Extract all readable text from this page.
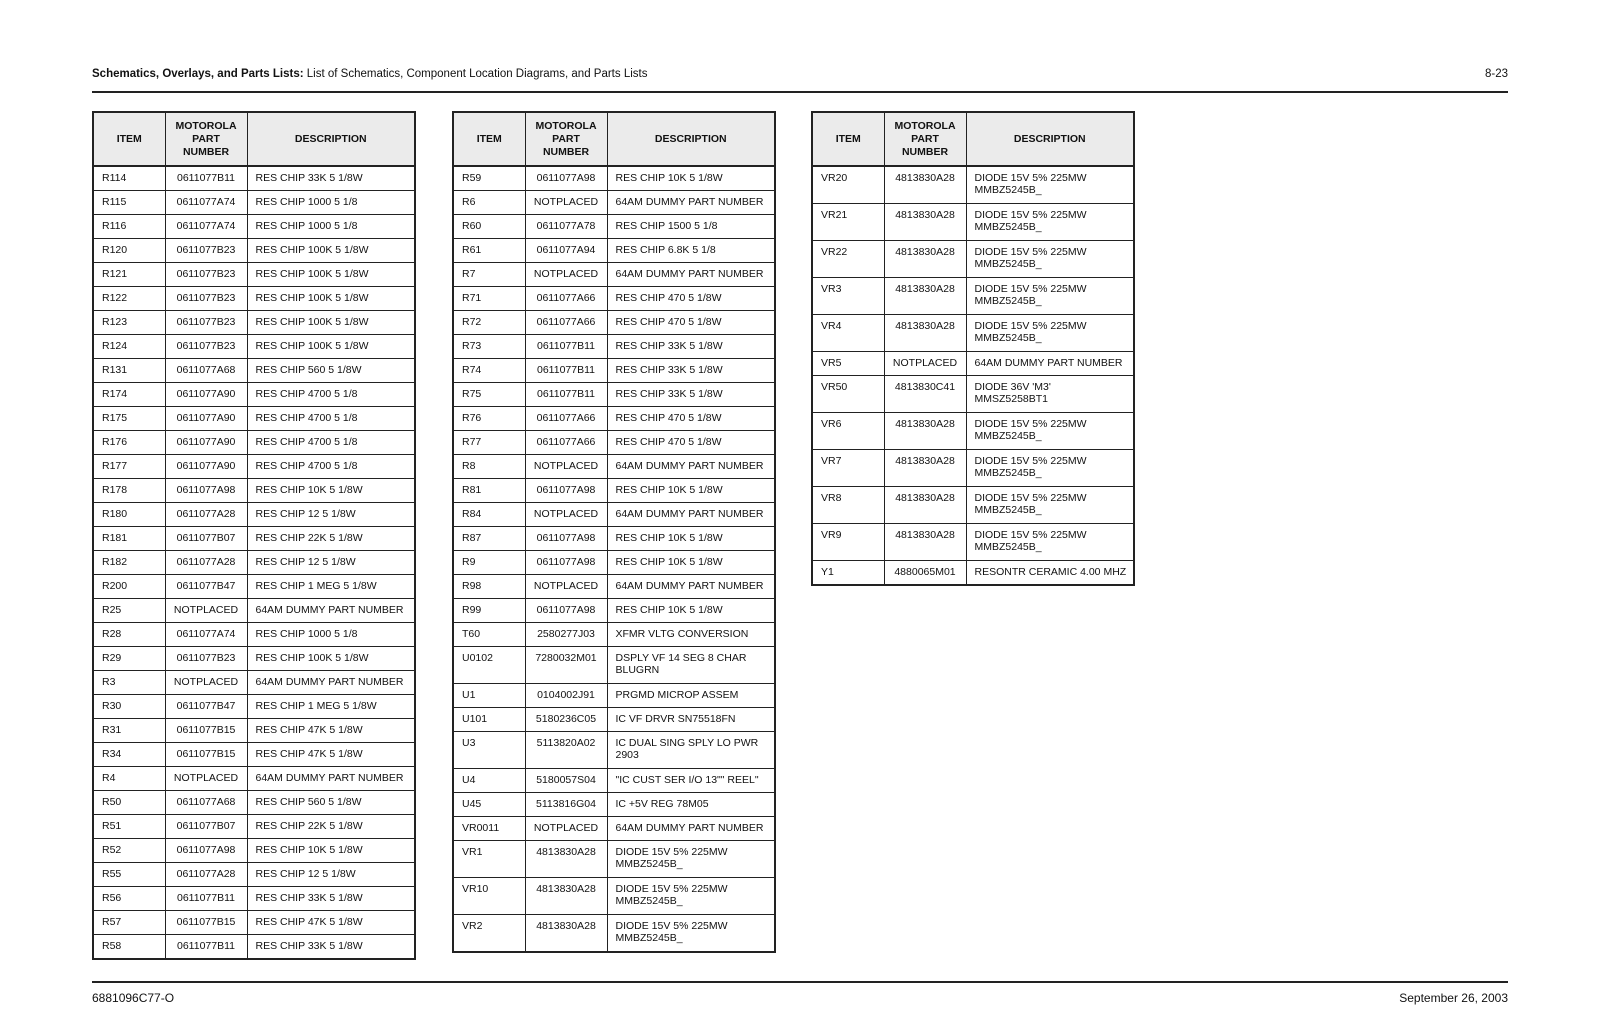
Schematics, Overlays, and Parts Lists: List of Schematics, Component Location Diagrams, and Parts Lists	8-23
ITEM	MOTOROLA PART NUMBER	DESCRIPTION
R114	0611077B11	RES CHIP 33K 5 1/8W
R115	0611077A74	RES CHIP 1000 5 1/8
R116	0611077A74	RES CHIP 1000 5 1/8
R120	0611077B23	RES CHIP 100K 5 1/8W
R121	0611077B23	RES CHIP 100K 5 1/8W
R122	0611077B23	RES CHIP 100K 5 1/8W
R123	0611077B23	RES CHIP 100K 5 1/8W
R124	0611077B23	RES CHIP 100K 5 1/8W
R131	0611077A68	RES CHIP 560 5 1/8W
R174	0611077A90	RES CHIP 4700 5 1/8
R175	0611077A90	RES CHIP 4700 5 1/8
R176	0611077A90	RES CHIP 4700 5 1/8
R177	0611077A90	RES CHIP 4700 5 1/8
R178	0611077A98	RES CHIP 10K 5 1/8W
R180	0611077A28	RES CHIP 12 5 1/8W
R181	0611077B07	RES CHIP 22K 5 1/8W
R182	0611077A28	RES CHIP 12 5 1/8W
R200	0611077B47	RES CHIP 1 MEG 5 1/8W
R25	NOTPLACED	64AM DUMMY PART NUMBER
R28	0611077A74	RES CHIP 1000 5 1/8
R29	0611077B23	RES CHIP 100K 5 1/8W
R3	NOTPLACED	64AM DUMMY PART NUMBER
R30	0611077B47	RES CHIP 1 MEG 5 1/8W
R31	0611077B15	RES CHIP 47K 5 1/8W
R34	0611077B15	RES CHIP 47K 5 1/8W
R4	NOTPLACED	64AM DUMMY PART NUMBER
R50	0611077A68	RES CHIP 560 5 1/8W
R51	0611077B07	RES CHIP 22K 5 1/8W
R52	0611077A98	RES CHIP 10K 5 1/8W
R55	0611077A28	RES CHIP 12 5 1/8W
R56	0611077B11	RES CHIP 33K 5 1/8W
R57	0611077B15	RES CHIP 47K 5 1/8W
R58	0611077B11	RES CHIP 33K 5 1/8W
ITEM	MOTOROLA PART NUMBER	DESCRIPTION
R59	0611077A98	RES CHIP 10K 5 1/8W
R6	NOTPLACED	64AM DUMMY PART NUMBER
R60	0611077A78	RES CHIP 1500 5 1/8
R61	0611077A94	RES CHIP 6.8K 5 1/8
R7	NOTPLACED	64AM DUMMY PART NUMBER
R71	0611077A66	RES CHIP 470 5 1/8W
R72	0611077A66	RES CHIP 470 5 1/8W
R73	0611077B11	RES CHIP 33K 5 1/8W
R74	0611077B11	RES CHIP 33K 5 1/8W
R75	0611077B11	RES CHIP 33K 5 1/8W
R76	0611077A66	RES CHIP 470 5 1/8W
R77	0611077A66	RES CHIP 470 5 1/8W
R8	NOTPLACED	64AM DUMMY PART NUMBER
R81	0611077A98	RES CHIP 10K 5 1/8W
R84	NOTPLACED	64AM DUMMY PART NUMBER
R87	0611077A98	RES CHIP 10K 5 1/8W
R9	0611077A98	RES CHIP 10K 5 1/8W
R98	NOTPLACED	64AM DUMMY PART NUMBER
R99	0611077A98	RES CHIP 10K 5 1/8W
T60	2580277J03	XFMR VLTG CONVERSION
U0102	7280032M01	DSPLY VF 14 SEG 8 CHAR
BLUGRN
U1	0104002J91	PRGMD MICROP ASSEM
U101	5180236C05	IC VF DRVR SN75518FN
U3	5113820A02	IC DUAL SING SPLY LO PWR
2903
U4	5180057S04	"IC CUST SER I/O 13"" REEL"
U45	5113816G04	IC +5V REG 78M05
VR0011	NOTPLACED	64AM DUMMY PART NUMBER
VR1	4813830A28	DIODE 15V 5% 225MW
MMBZ5245B_
VR10	4813830A28	DIODE 15V 5% 225MW
MMBZ5245B_
VR2	4813830A28	DIODE 15V 5% 225MW
MMBZ5245B_
ITEM	MOTOROLA PART NUMBER	DESCRIPTION
VR20	4813830A28	DIODE 15V 5% 225MW
MMBZ5245B_
VR21	4813830A28	DIODE 15V 5% 225MW
MMBZ5245B_
VR22	4813830A28	DIODE 15V 5% 225MW
MMBZ5245B_
VR3	4813830A28	DIODE 15V 5% 225MW
MMBZ5245B_
VR4	4813830A28	DIODE 15V 5% 225MW
MMBZ5245B_
VR5	NOTPLACED	64AM DUMMY PART NUMBER
VR50	4813830C41	DIODE 36V 'M3'
MMSZ5258BT1
VR6	4813830A28	DIODE 15V 5% 225MW
MMBZ5245B_
VR7	4813830A28	DIODE 15V 5% 225MW
MMBZ5245B_
VR8	4813830A28	DIODE 15V 5% 225MW
MMBZ5245B_
VR9	4813830A28	DIODE 15V 5% 225MW
MMBZ5245B_
Y1	4880065M01	RESONTR CERAMIC 4.00 MHZ
6881096C77-O	September 26, 2003
